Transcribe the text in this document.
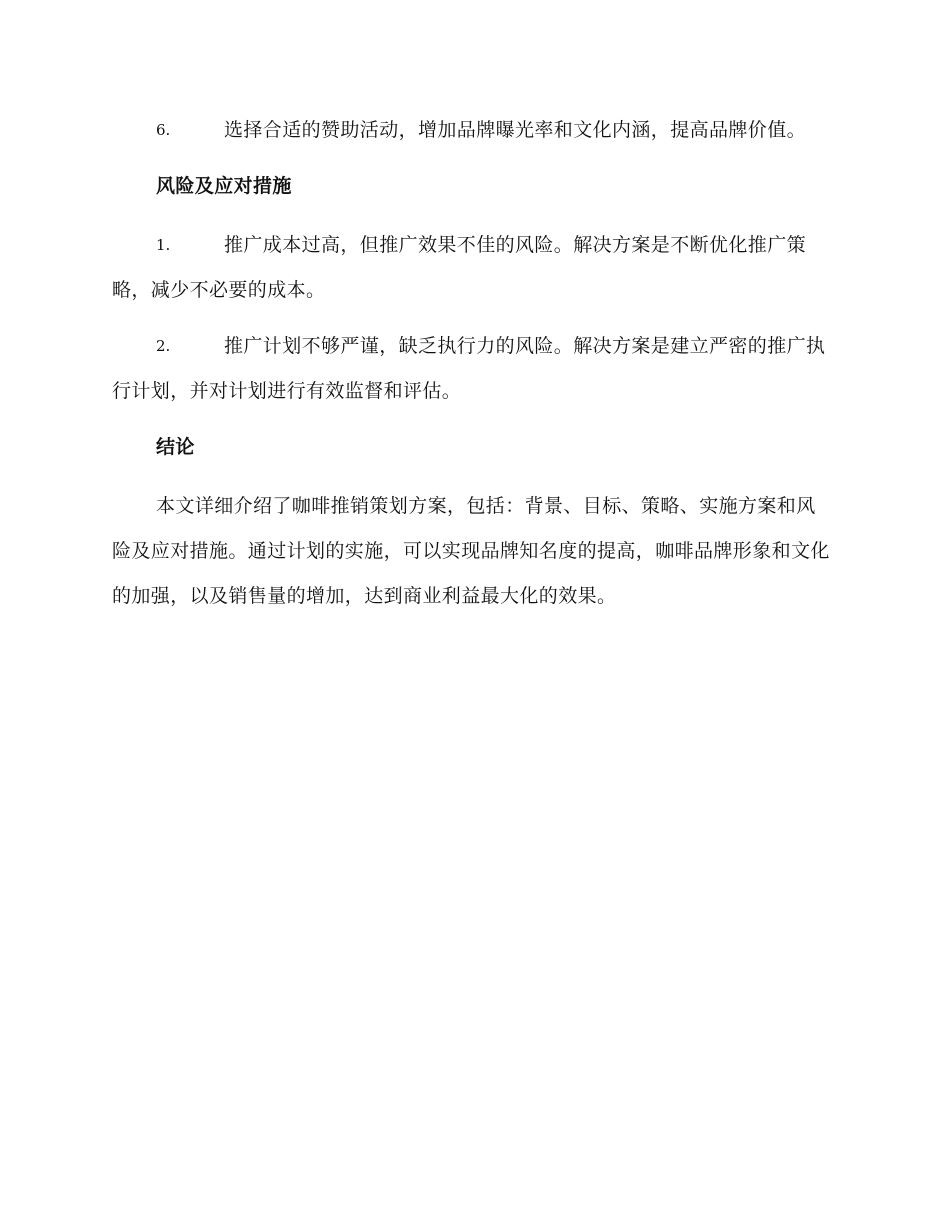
6.	选择合适的赞助活动，增加品牌曝光率和文化内涵，提高品牌价值。
风险及应对措施
1.	推广成本过高，但推广效果不佳的风险。解决方案是不断优化推广策略，减少不必要的成本。
2.	推广计划不够严谨，缺乏执行力的风险。解决方案是建立严密的推广执行计划，并对计划进行有效监督和评估。
结论

本文详细介绍了咖啡推销策划方案，包括：背景、目标、策略、实施方案和风险及应对措施。通过计划的实施，可以实现品牌知名度的提高，咖啡品牌形象和文化的加强，以及销售量的增加，达到商业利益最大化的效果。
